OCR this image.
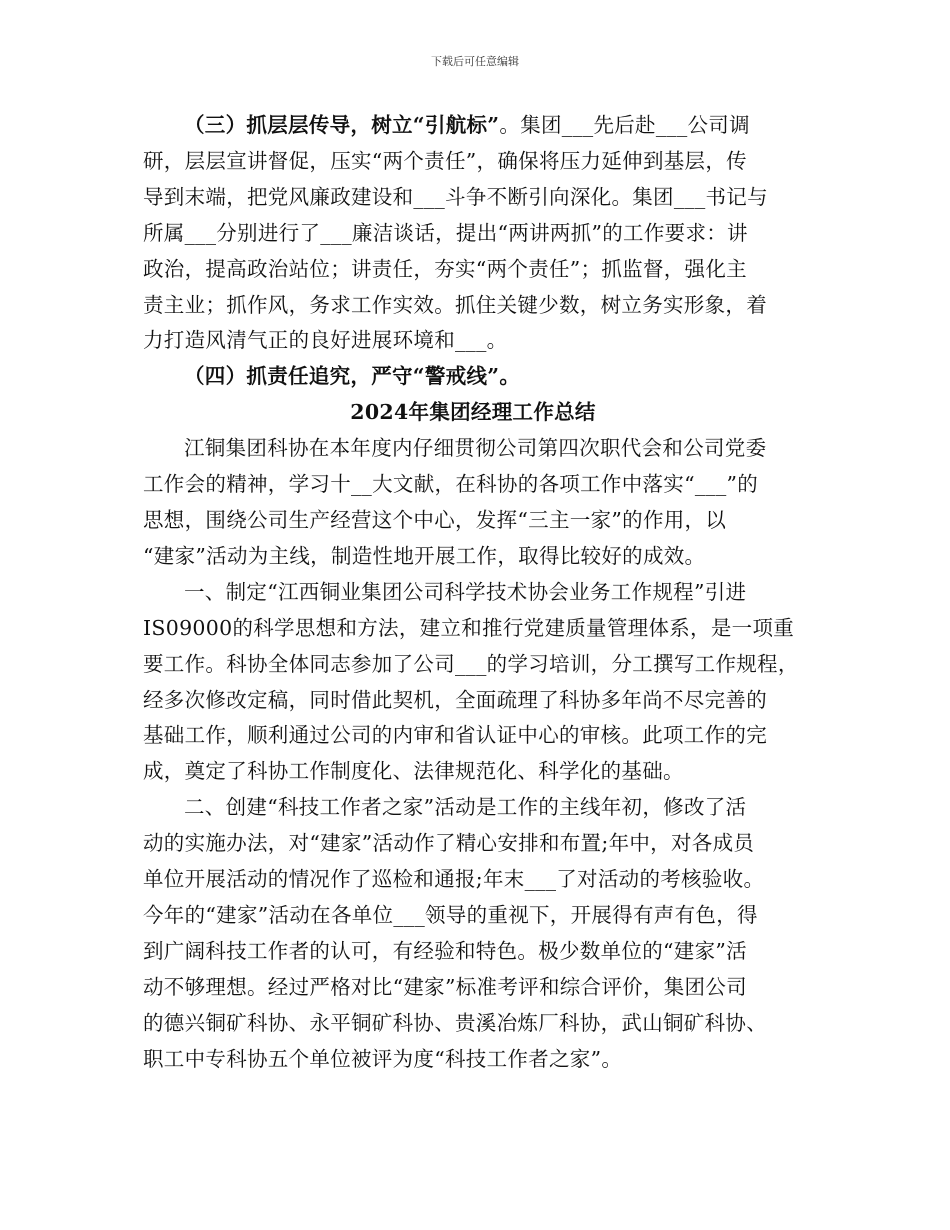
下载后可任意编辑

（三）抓层层传导，树立“引航标”。集团___先后赴___公司调
研，层层宣讲督促，压实“两个责任”，确保将压力延伸到基层，传
导到末端，把党风廉政建设和___斗争不断引向深化。集团___书记与
所属___分别进行了___廉洁谈话，提出“两讲两抓”的工作要求：讲
政治，提高政治站位；讲责任，夯实“两个责任”；抓监督，强化主
责主业；抓作风，务求工作实效。抓住关键少数，树立务实形象，着
力打造风清气正的良好进展环境和___。

（四）抓责任追究，严守“警戒线”。

2024年集团经理工作总结

江铜集团科协在本年度内仔细贯彻公司第四次职代会和公司党委
工作会的精神，学习十__大文献，在科协的各项工作中落实“___”的
思想，围绕公司生产经营这个中心，发挥“三主一家”的作用，以
“建家”活动为主线，制造性地开展工作，取得比较好的成效。

一、制定“江西铜业集团公司科学技术协会业务工作规程”引进
IS09000的科学思想和方法，建立和推行党建质量管理体系，是一项重
要工作。科协全体同志参加了公司___的学习培训，分工撰写工作规程，
经多次修改定稿，同时借此契机，全面疏理了科协多年尚不尽完善的
基础工作，顺利通过公司的内审和省认证中心的审核。此项工作的完
成，奠定了科协工作制度化、法律规范化、科学化的基础。

二、创建“科技工作者之家”活动是工作的主线年初，修改了活
动的实施办法，对“建家”活动作了精心安排和布置;年中，对各成员
单位开展活动的情况作了巡检和通报;年末___了对活动的考核验收。
今年的“建家”活动在各单位___领导的重视下，开展得有声有色，得
到广阔科技工作者的认可，有经验和特色。极少数单位的“建家”活
动不够理想。经过严格对比“建家”标准考评和综合评价，集团公司
的德兴铜矿科协、永平铜矿科协、贵溪冶炼厂科协，武山铜矿科协、
职工中专科协五个单位被评为度“科技工作者之家”。
